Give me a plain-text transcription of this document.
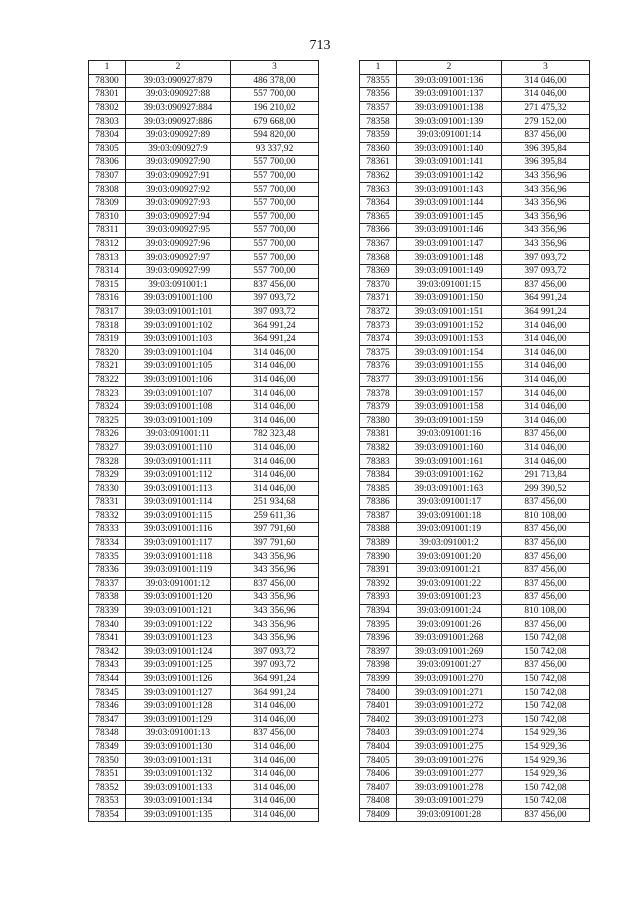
713
1	2	3
78300	39:03:090927:879	486 378,00
78301	39:03:090927:88	557 700,00
78302	39:03:090927:884	196 210,02
78303	39:03:090927:886	679 668,00
78304	39:03:090927:89	594 820,00
78305	39:03:090927:9	93 337,92
78306	39:03:090927:90	557 700,00
78307	39:03:090927:91	557 700,00
78308	39:03:090927:92	557 700,00
78309	39:03:090927:93	557 700,00
78310	39:03:090927:94	557 700,00
78311	39:03:090927:95	557 700,00
78312	39:03:090927:96	557 700,00
78313	39:03:090927:97	557 700,00
78314	39:03:090927:99	557 700,00
78315	39:03:091001:1	837 456,00
78316	39:03:091001:100	397 093,72
78317	39:03:091001:101	397 093,72
78318	39:03:091001:102	364 991,24
78319	39:03:091001:103	364 991,24
78320	39:03:091001:104	314 046,00
78321	39:03:091001:105	314 046,00
78322	39:03:091001:106	314 046,00
78323	39:03:091001:107	314 046,00
78324	39:03:091001:108	314 046,00
78325	39:03:091001:109	314 046,00
78326	39:03:091001:11	782 323,48
78327	39:03:091001:110	314 046,00
78328	39:03:091001:111	314 046,00
78329	39:03:091001:112	314 046,00
78330	39:03:091001:113	314 046,00
78331	39:03:091001:114	251 934,68
78332	39:03:091001:115	259 611,36
78333	39:03:091001:116	397 791,60
78334	39:03:091001:117	397 791,60
78335	39:03:091001:118	343 356,96
78336	39:03:091001:119	343 356,96
78337	39:03:091001:12	837 456,00
78338	39:03:091001:120	343 356,96
78339	39:03:091001:121	343 356,96
78340	39:03:091001:122	343 356,96
78341	39:03:091001:123	343 356,96
78342	39:03:091001:124	397 093,72
78343	39:03:091001:125	397 093,72
78344	39:03:091001:126	364 991,24
78345	39:03:091001:127	364 991,24
78346	39:03:091001:128	314 046,00
78347	39:03:091001:129	314 046,00
78348	39:03:091001:13	837 456,00
78349	39:03:091001:130	314 046,00
78350	39:03:091001:131	314 046,00
78351	39:03:091001:132	314 046,00
78352	39:03:091001:133	314 046,00
78353	39:03:091001:134	314 046,00
78354	39:03:091001:135	314 046,00
1	2	3
78355	39:03:091001:136	314 046,00
78356	39:03:091001:137	314 046,00
78357	39:03:091001:138	271 475,32
78358	39:03:091001:139	279 152,00
78359	39:03:091001:14	837 456,00
78360	39:03:091001:140	396 395,84
78361	39:03:091001:141	396 395,84
78362	39:03:091001:142	343 356,96
78363	39:03:091001:143	343 356,96
78364	39:03:091001:144	343 356,96
78365	39:03:091001:145	343 356,96
78366	39:03:091001:146	343 356,96
78367	39:03:091001:147	343 356,96
78368	39:03:091001:148	397 093,72
78369	39:03:091001:149	397 093,72
78370	39:03:091001:15	837 456,00
78371	39:03:091001:150	364 991,24
78372	39:03:091001:151	364 991,24
78373	39:03:091001:152	314 046,00
78374	39:03:091001:153	314 046,00
78375	39:03:091001:154	314 046,00
78376	39:03:091001:155	314 046,00
78377	39:03:091001:156	314 046,00
78378	39:03:091001:157	314 046,00
78379	39:03:091001:158	314 046,00
78380	39:03:091001:159	314 046,00
78381	39:03:091001:16	837 456,00
78382	39:03:091001:160	314 046,00
78383	39:03:091001:161	314 046,00
78384	39:03:091001:162	291 713,84
78385	39:03:091001:163	299 390,52
78386	39:03:091001:17	837 456,00
78387	39:03:091001:18	810 108,00
78388	39:03:091001:19	837 456,00
78389	39:03:091001:2	837 456,00
78390	39:03:091001:20	837 456,00
78391	39:03:091001:21	837 456,00
78392	39:03:091001:22	837 456,00
78393	39:03:091001:23	837 456,00
78394	39:03:091001:24	810 108,00
78395	39:03:091001:26	837 456,00
78396	39:03:091001:268	150 742,08
78397	39:03:091001:269	150 742,08
78398	39:03:091001:27	837 456,00
78399	39:03:091001:270	150 742,08
78400	39:03:091001:271	150 742,08
78401	39:03:091001:272	150 742,08
78402	39:03:091001:273	150 742,08
78403	39:03:091001:274	154 929,36
78404	39:03:091001:275	154 929,36
78405	39:03:091001:276	154 929,36
78406	39:03:091001:277	154 929,36
78407	39:03:091001:278	150 742,08
78408	39:03:091001:279	150 742,08
78409	39:03:091001:28	837 456,00
